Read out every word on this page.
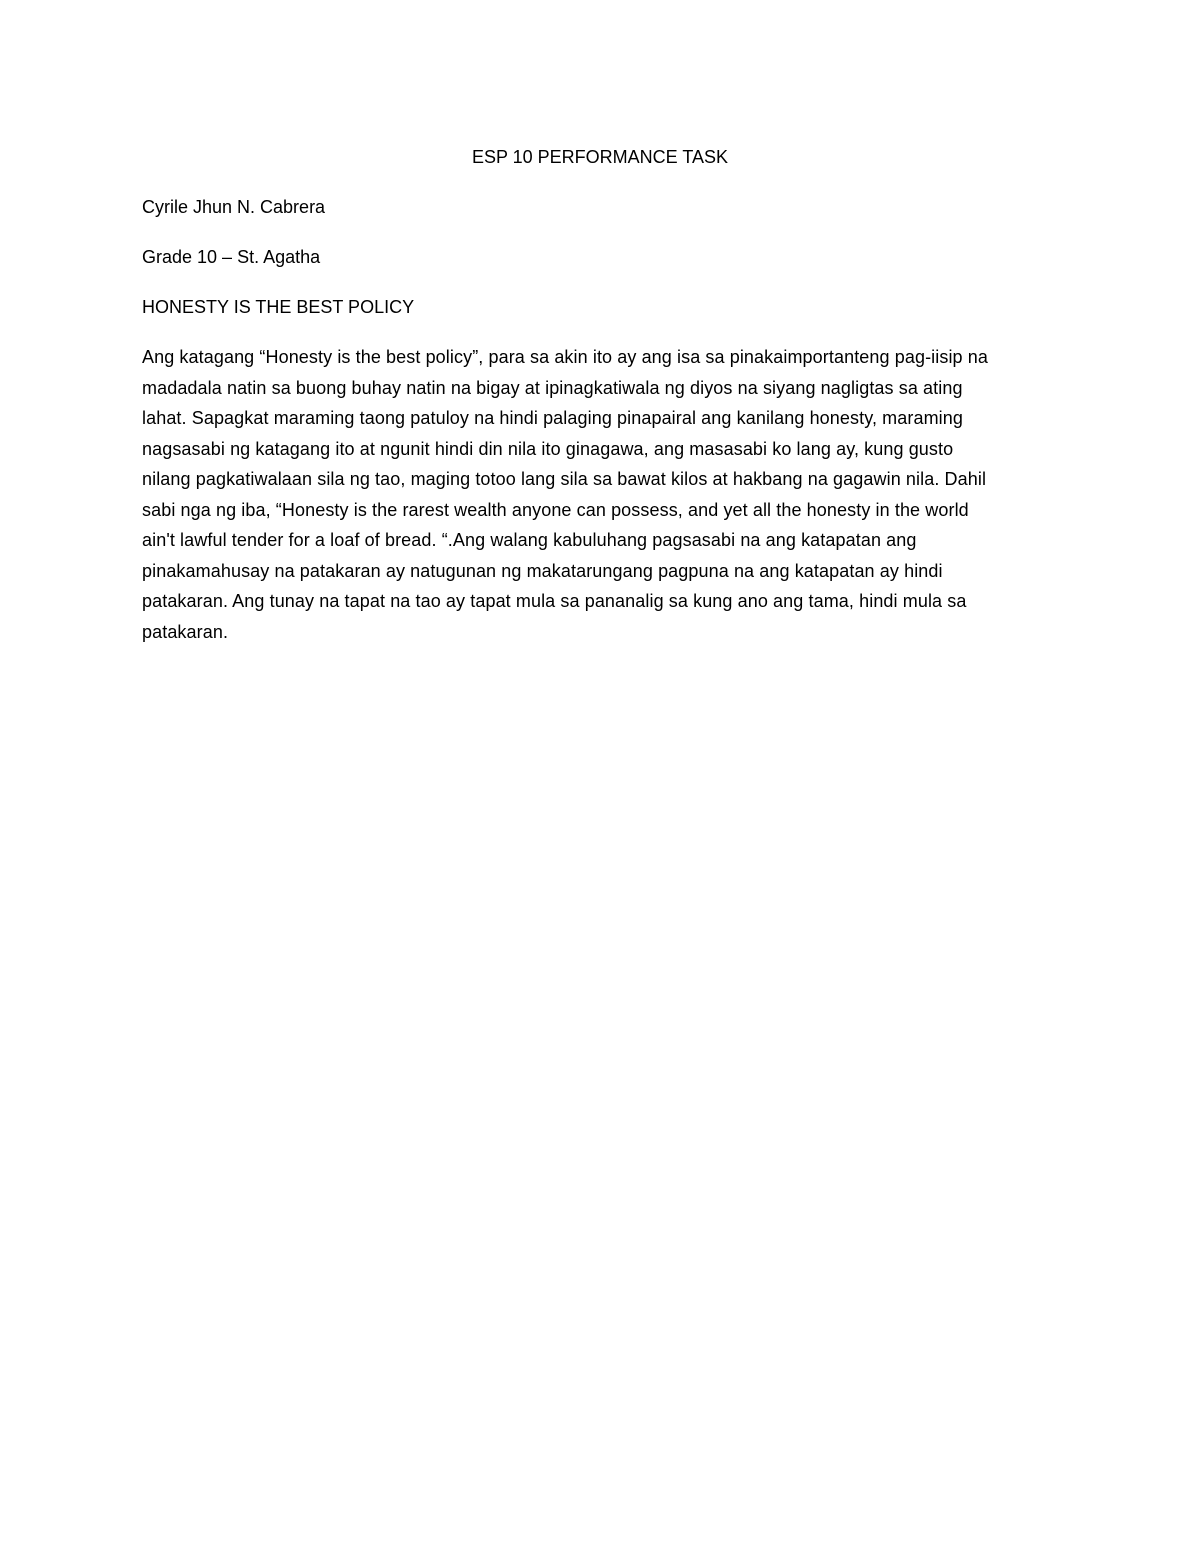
ESP 10 PERFORMANCE TASK

Cyrile Jhun N. Cabrera

Grade 10 – St. Agatha

HONESTY IS THE BEST POLICY

Ang katagang “Honesty is the best policy”, para sa akin ito ay ang isa sa pinakaimportanteng pag-iisip na
madadala natin sa buong buhay natin na bigay at ipinagkatiwala ng diyos na siyang nagligtas sa ating
lahat. Sapagkat maraming taong patuloy na hindi palaging pinapairal ang kanilang honesty, maraming
nagsasabi ng katagang ito at ngunit hindi din nila ito ginagawa, ang masasabi ko lang ay, kung gusto
nilang pagkatiwalaan sila ng tao, maging totoo lang sila sa bawat kilos at hakbang na gagawin nila. Dahil
sabi nga ng iba, “Honesty is the rarest wealth anyone can possess, and yet all the honesty in the world
ain't lawful tender for a loaf of bread. “.Ang walang kabuluhang pagsasabi na ang katapatan ang
pinakamahusay na patakaran ay natugunan ng makatarungang pagpuna na ang katapatan ay hindi
patakaran. Ang tunay na tapat na tao ay tapat mula sa pananalig sa kung ano ang tama, hindi mula sa
patakaran.
